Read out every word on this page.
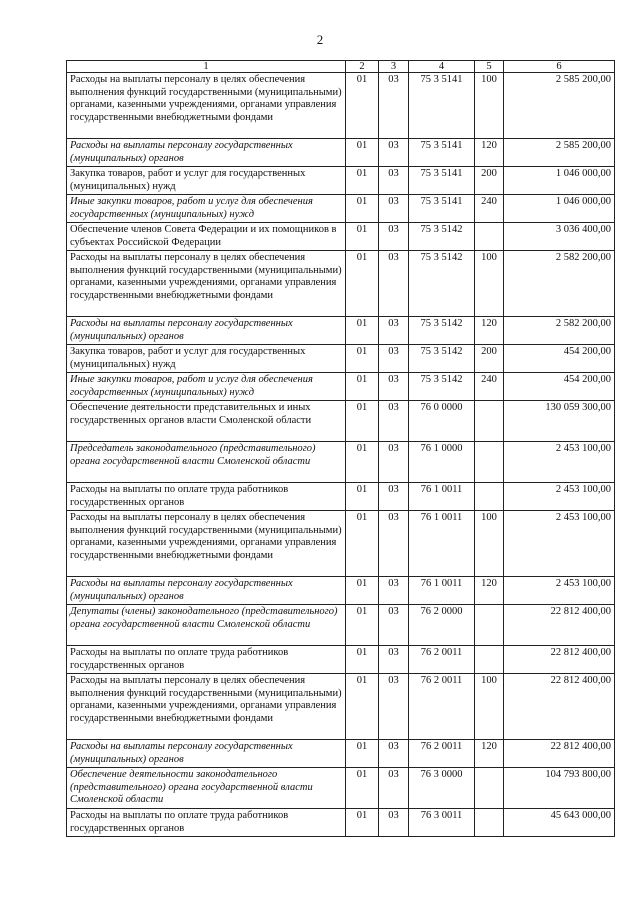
2
1	2	3	4	5	6
Расходы на выплаты персоналу в целях обеспечения выполнения функций государственными (муниципальными) органами, казенными учреждениями, органами управления государственными внебюджетными фондами	01	03	75 3 5141	100	2 585 200,00
Расходы на выплаты персоналу государственных (муниципальных) органов	01	03	75 3 5141	120	2 585 200,00
Закупка товаров, работ и услуг для государственных (муниципальных) нужд	01	03	75 3 5141	200	1 046 000,00
Иные закупки товаров, работ и услуг для обеспечения государственных (муниципальных) нужд	01	03	75 3 5141	240	1 046 000,00
Обеспечение членов Совета Федерации и их помощников в субъектах Российской Федерации	01	03	75 3 5142		3 036 400,00
Расходы на выплаты персоналу в целях обеспечения выполнения функций государственными (муниципальными) органами, казенными учреждениями, органами управления государственными внебюджетными фондами	01	03	75 3 5142	100	2 582 200,00
Расходы на выплаты персоналу государственных (муниципальных) органов	01	03	75 3 5142	120	2 582 200,00
Закупка товаров, работ и услуг для государственных (муниципальных) нужд	01	03	75 3 5142	200	454 200,00
Иные закупки товаров, работ и услуг для обеспечения государственных (муниципальных) нужд	01	03	75 3 5142	240	454 200,00
Обеспечение деятельности представительных и иных государственных органов власти Смоленской области	01	03	76 0 0000		130 059 300,00
Председатель законодательного (представительного) органа государственной власти Смоленской области	01	03	76 1 0000		2 453 100,00
Расходы на выплаты по оплате труда работников государственных органов	01	03	76 1 0011		2 453 100,00
Расходы на выплаты персоналу в целях обеспечения выполнения функций государственными (муниципальными) органами, казенными учреждениями, органами управления государственными внебюджетными фондами	01	03	76 1 0011	100	2 453 100,00
Расходы на выплаты персоналу государственных (муниципальных) органов	01	03	76 1 0011	120	2 453 100,00
Депутаты (члены) законодательного (представительного) органа государственной власти Смоленской области	01	03	76 2 0000		22 812 400,00
Расходы на выплаты по оплате труда работников государственных органов	01	03	76 2 0011		22 812 400,00
Расходы на выплаты персоналу в целях обеспечения выполнения функций государственными (муниципальными) органами, казенными учреждениями, органами управления государственными внебюджетными фондами	01	03	76 2 0011	100	22 812 400,00
Расходы на выплаты персоналу государственных (муниципальных) органов	01	03	76 2 0011	120	22 812 400,00
Обеспечение деятельности законодательного (представительного) органа государственной власти Смоленской области	01	03	76 3 0000		104 793 800,00
Расходы на выплаты по оплате труда работников государственных органов	01	03	76 3 0011		45 643 000,00
